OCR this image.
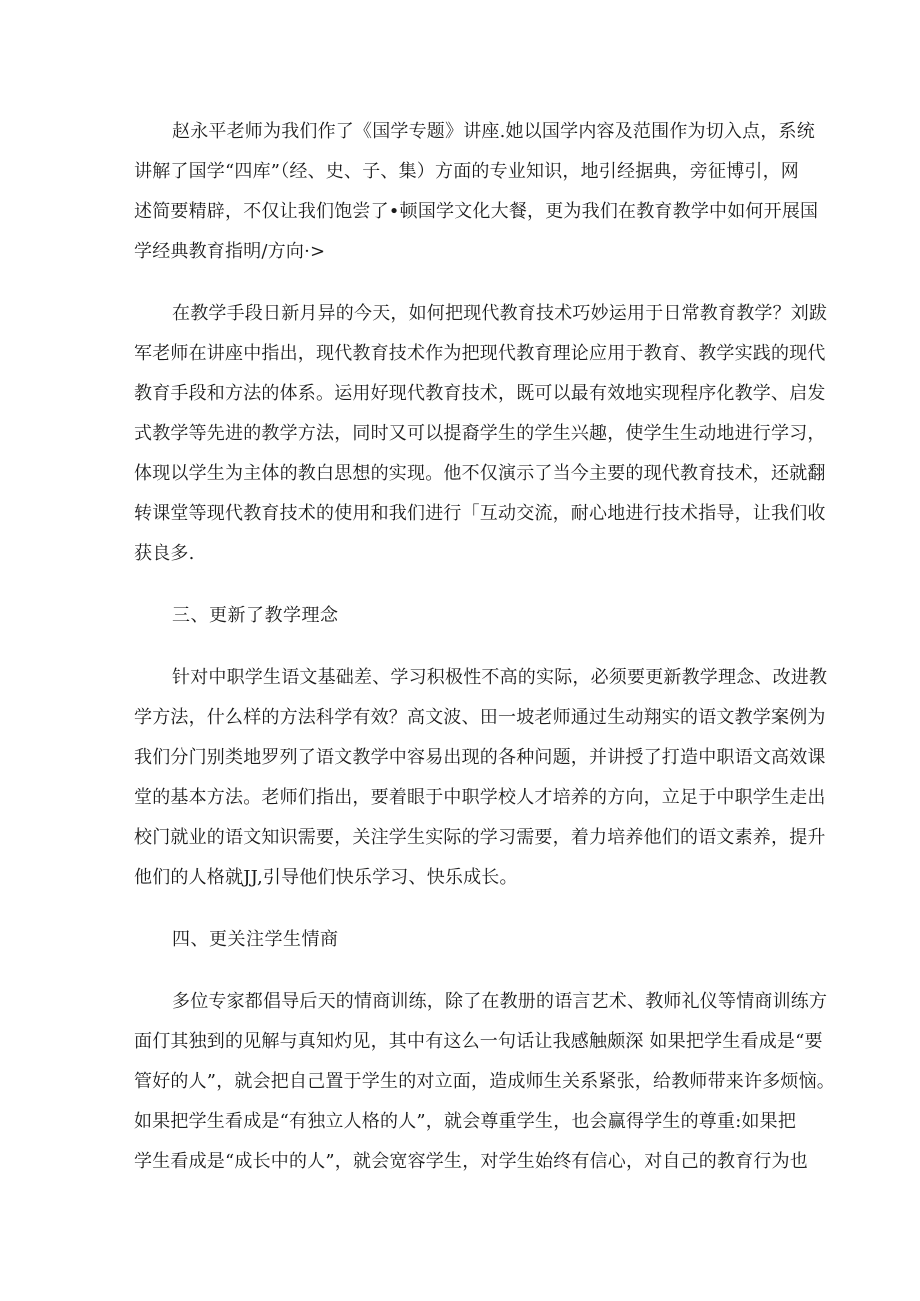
赵永平老师为我们作了《国学专题》讲座.她以国学内容及范围作为切入点，系统

讲解了国学“四库”（经、史、子、集）方面的专业知识，地引经据典，旁征博引，网

述简要精辟，不仅让我们饱尝了•顿国学文化大餐，更为我们在教育教学中如何开展国

学经典教育指明/方向·>

在教学手段日新月异的今天，如何把现代教育技术巧妙运用于日常教育教学？刘跋

军老师在讲座中指出，现代教育技术作为把现代教育理论应用于教育、教学实践的现代

教育手段和方法的体系。运用好现代教育技术，既可以最有效地实现程序化教学、启发

式教学等先进的教学方法，同时又可以提裔学生的学生兴趣，使学生生动地进行学习，

体现以学生为主体的教白思想的实现。他不仅演示了当今主要的现代教育技术，还就翻

转课堂等现代教育技术的使用和我们进行「互动交流，耐心地进行技术指导，让我们收

获良多.

三、更新了教学理念

针对中职学生语文基础差、学习积极性不高的实际，必须要更新教学理念、改进教

学方法，什么样的方法科学有效？高文波、田一坡老师通过生动翔实的语文教学案例为

我们分门别类地罗列了语文教学中容易出现的各种问题，并讲授了打造中职语文高效课

堂的基本方法。老师们指出，要着眼于中职学校人才培养的方向，立足于中职学生走出

校门就业的语文知识需要，关注学生实际的学习需要，着力培养他们的语文素养，提升

他们的人格就JJ,引导他们快乐学习、快乐成长。

四、更关注学生情商

多位专家都倡导后天的情商训练，除了在教册的语言艺术、教师礼仪等情商训练方

面仃其独到的见解与真知灼见，其中有这么一句话让我感触颇深 如果把学生看成是“要

管好的人”，就会把自己置于学生的对立面，造成师生关系紧张，给教师带来许多烦恼。

如果把学生看成是“有独立人格的人”，就会尊重学生，也会赢得学生的尊重:如果把

学生看成是“成长中的人”，就会宽容学生，对学生始终有信心，对自己的教育行为也
